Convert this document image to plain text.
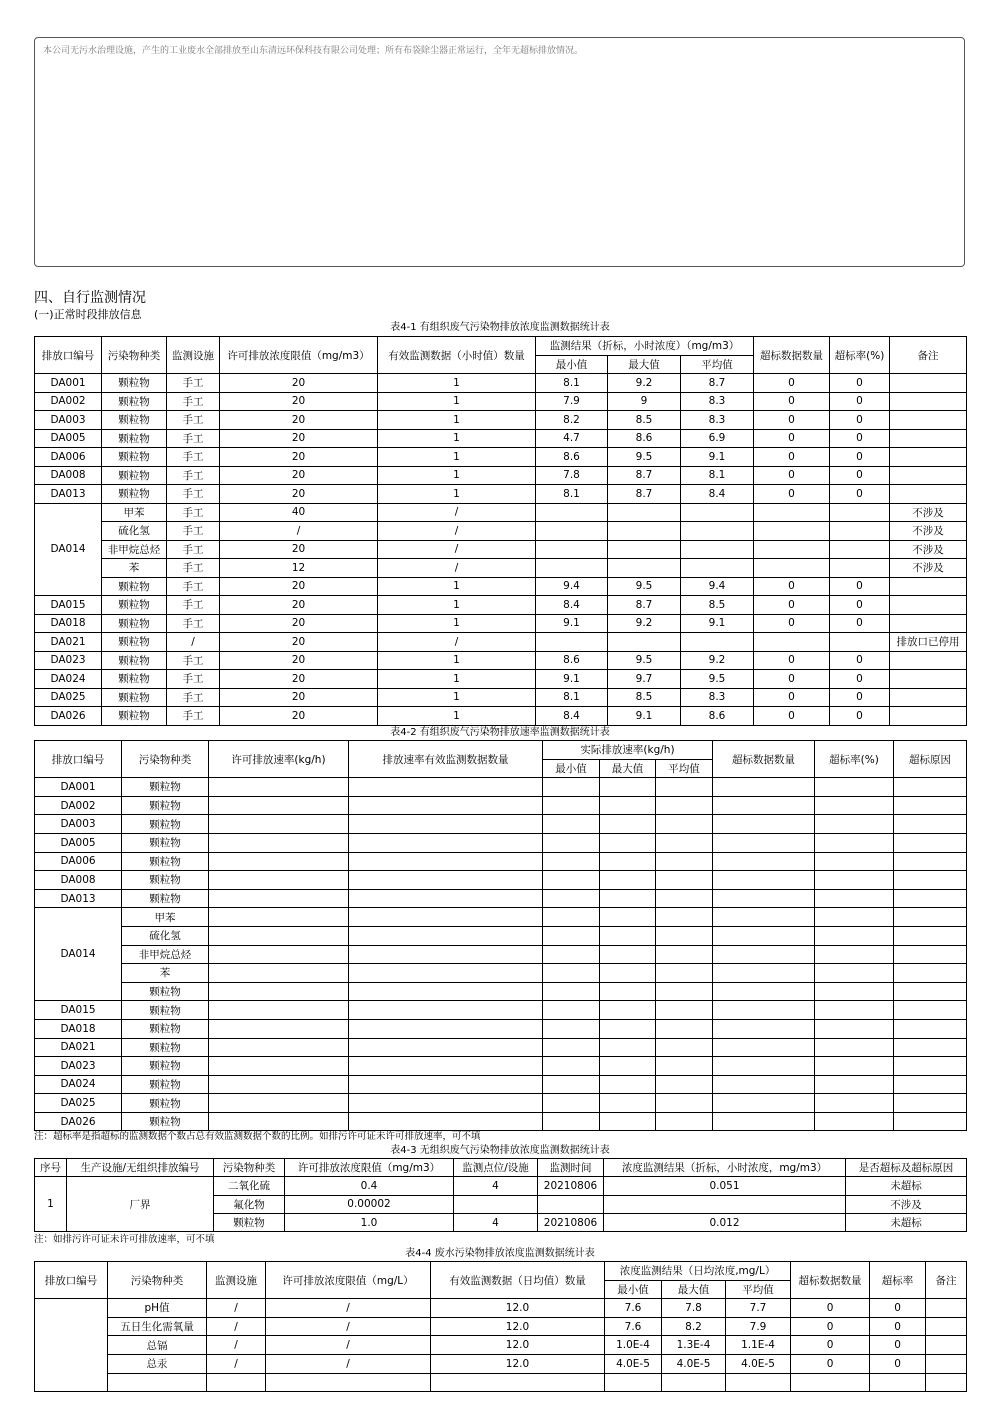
本公司无污水治理设施，产生的工业废水全部排放至山东清远环保科技有限公司处理；所有布袋除尘器正常运行，全年无超标排放情况。
四、自行监测情况
(一)正常时段排放信息
表4-1 有组织废气污染物排放浓度监测数据统计表
排放口编号	污染物种类	监测设施	许可排放浓度限值（mg/m3）	有效监测数据（小时值）数量	监测结果（折标，小时浓度）（mg/m3）			超标数据数量	超标率(%)	备注
					最小值	最大值	平均值			
DA001	颗粒物	手工	20	1	8.1	9.2	8.7	0	0	
DA002	颗粒物	手工	20	1	7.9	9	8.3	0	0	
DA003	颗粒物	手工	20	1	8.2	8.5	8.3	0	0	
DA005	颗粒物	手工	20	1	4.7	8.6	6.9	0	0	
DA006	颗粒物	手工	20	1	8.6	9.5	9.1	0	0	
DA008	颗粒物	手工	20	1	7.8	8.7	8.1	0	0	
DA013	颗粒物	手工	20	1	8.1	8.7	8.4	0	0	
DA014	甲苯	手工	40	/						不涉及
	硫化氢	手工	/	/						不涉及
	非甲烷总烃	手工	20	/						不涉及
	苯	手工	12	/						不涉及
	颗粒物	手工	20	1	9.4	9.5	9.4	0	0	
DA015	颗粒物	手工	20	1	8.4	8.7	8.5	0	0	
DA018	颗粒物	手工	20	1	9.1	9.2	9.1	0	0	
DA021	颗粒物	/	20	/						排放口已停用
DA023	颗粒物	手工	20	1	8.6	9.5	9.2	0	0	
DA024	颗粒物	手工	20	1	9.1	9.7	9.5	0	0	
DA025	颗粒物	手工	20	1	8.1	8.5	8.3	0	0	
DA026	颗粒物	手工	20	1	8.4	9.1	8.6	0	0	
表4-2 有组织废气污染物排放速率监测数据统计表
排放口编号	污染物种类	许可排放速率(kg/h)	排放速率有效监测数据数量	实际排放速率(kg/h)			超标数据数量	超标率(%)	超标原因
				最小值	最大值	平均值			
DA001	颗粒物								
DA002	颗粒物								
DA003	颗粒物								
DA005	颗粒物								
DA006	颗粒物								
DA008	颗粒物								
DA013	颗粒物								
DA014	甲苯								
	硫化氢								
	非甲烷总烃								
	苯								
	颗粒物								
DA015	颗粒物								
DA018	颗粒物								
DA021	颗粒物								
DA023	颗粒物								
DA024	颗粒物								
DA025	颗粒物								
DA026	颗粒物								
注：超标率是指超标的监测数据个数占总有效监测数据个数的比例。如排污许可证未许可排放速率，可不填
表4-3 无组织废气污染物排放浓度监测数据统计表
序号	生产设施/无组织排放编号	污染物种类	许可排放浓度限值（mg/m3）	监测点位/设施	监测时间	浓度监测结果（折标，小时浓度，mg/m3）	是否超标及超标原因
1	厂界	二氧化硫	0.4	4	20210806	0.051	未超标
		氟化物	0.00002				不涉及
		颗粒物	1.0	4	20210806	0.012	未超标
注：如排污许可证未许可排放速率，可不填
表4-4 废水污染物排放浓度监测数据统计表
排放口编号	污染物种类	监测设施	许可排放浓度限值（mg/L）	有效监测数据（日均值）数量	浓度监测结果（日均浓度,mg/L）			超标数据数量	超标率	备注
					最小值	最大值	平均值			
	pH值	/	/	12.0	7.6	7.8	7.7	0	0	
	五日生化需氧量	/	/	12.0	7.6	8.2	7.9	0	0	
	总镉	/	/	12.0	1.0E-4	1.3E-4	1.1E-4	0	0	
	总汞	/	/	12.0	4.0E-5	4.0E-5	4.0E-5	0	0	
